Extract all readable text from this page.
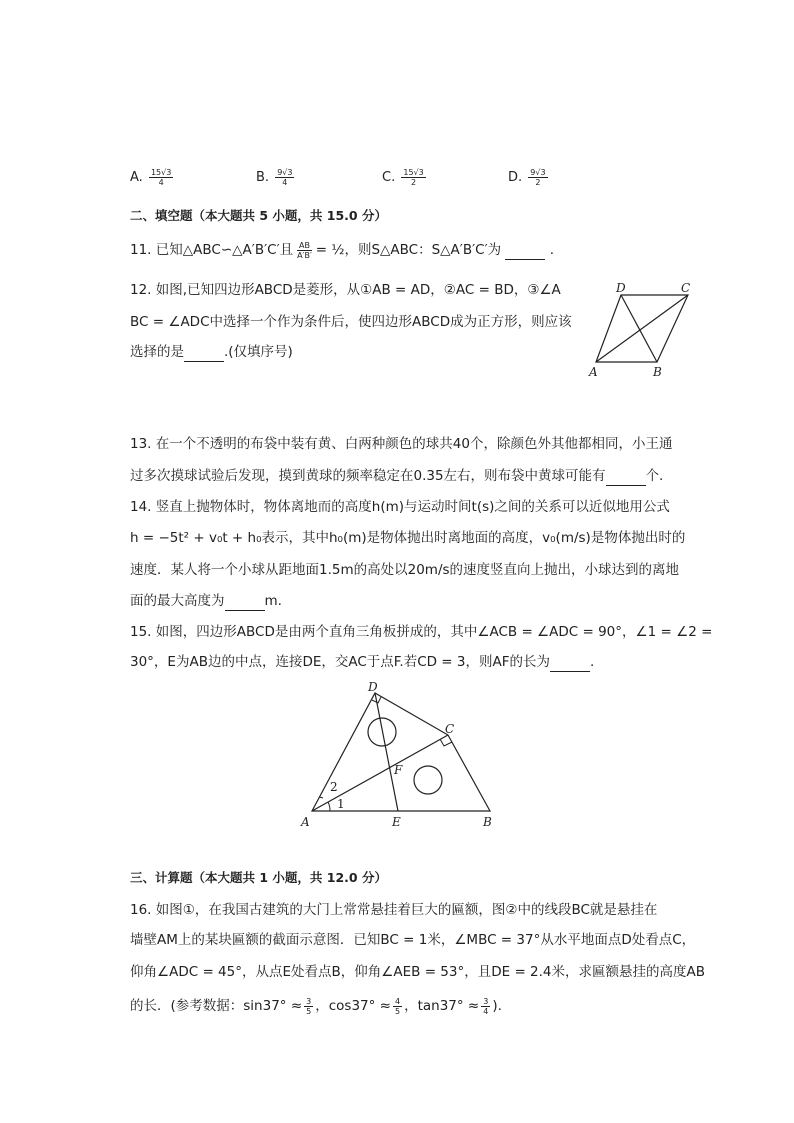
A. $\frac{15√3}{4}$	B. $\frac{9√3}{4}$	C. $\frac{15√3}{2}$	D. $\frac{9√3}{2}$
二、填空题（本大题共 5 小题，共 15.0 分）
11. 已知△ABC∽△A′B′C′且 $\frac{AB}{A'B'}$ = ½，则S△ABC：S△A′B′C′为	.
12. 如图,已知四边形ABCD是菱形，从①AB = AD，②AC = BD，③∠A
BC = ∠ADC中选择一个作为条件后，使四边形ABCD成为正方形，则应该
选择的是	.(仅填序号)
D	C
A	B
13. 在一个不透明的布袋中装有黄、白两种颜色的球共40个，除颜色外其他都相同，小王通
过多次摸球试验后发现，摸到黄球的频率稳定在0.35左右，则布袋中黄球可能有	个.
14. 竖直上抛物体时，物体离地而的高度h(m)与运动时间t(s)之间的关系可以近似地用公式
h = −5t² + v₀t + h₀表示，其中h₀(m)是物体抛出时离地面的高度，v₀(m/s)是物体抛出时的
速度．某人将一个小球从距地面1.5m的高处以20m/s的速度竖直向上抛出，小球达到的离地
面的最大高度为	m.
15. 如图，四边形ABCD是由两个直角三角板拼成的，其中∠ACB = ∠ADC = 90°，∠1 = ∠2 =
30°，E为AB边的中点，连接DE，交AC于点F.若CD = 3，则AF的长为	.
D
C
F
A	E	B
1
2
三、计算题（本大题共 1 小题，共 12.0 分）
16. 如图①，在我国古建筑的大门上常常悬挂着巨大的匾额，图②中的线段BC就是悬挂在
墙壁AM上的某块匾额的截面示意图．已知BC = 1米，∠MBC = 37°从水平地面点D处看点C，
仰角∠ADC = 45°，从点E处看点B，仰角∠AEB = 53°，且DE = 2.4米，求匾额悬挂的高度AB
的长．(参考数据：$\sin 37^\circ \approx \frac{3}{5}$ ，$\cos 37^\circ \approx \frac{4}{5}$ ，$\tan 37^\circ \approx \frac{3}{4}$ ).
